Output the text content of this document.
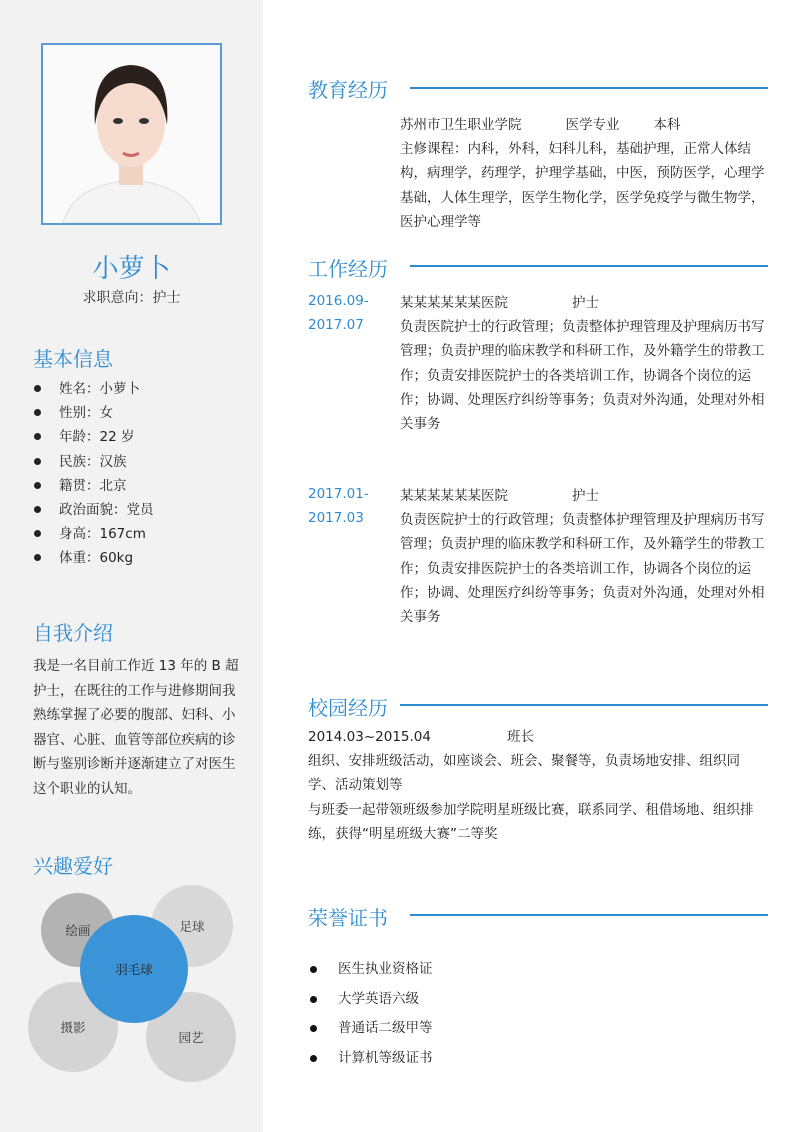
小萝卜
求职意向：护士
基本信息
姓名：小萝卜
性别：女
年龄：22 岁
民族：汉族
籍贯：北京
政治面貌：党员
身高：167cm
体重：60kg
自我介绍
我是一名目前工作近 13 年的 B 超护士，在既往的工作与进修期间我熟练掌握了必要的腹部、妇科、小器官、心脏、血管等部位疾病的诊断与鉴别诊断并逐渐建立了对医生这个职业的认知。
兴趣爱好
绘画	足球
摄影
园艺
羽毛球
教育经历
苏州市卫生职业学院	医学专业	本科
主修课程：内科，外科，妇科儿科，基础护理，正常人体结构，病理学，药理学，护理学基础，中医，预防医学，心理学基础，人体生理学，医学生物化学，医学免疫学与微生物学，医护心理学等
工作经历
2016.09-
2017.07
某某某某某某医院	护士
负责医院护士的行政管理；负责整体护理管理及护理病历书写管理；负责护理的临床教学和科研工作，及外籍学生的带教工作；负责安排医院护士的各类培训工作，协调各个岗位的运作；协调、处理医疗纠纷等事务；负责对外沟通，处理对外相关事务
2017.01-
2017.03
某某某某某某医院	护士
负责医院护士的行政管理；负责整体护理管理及护理病历书写管理；负责护理的临床教学和科研工作，及外籍学生的带教工作；负责安排医院护士的各类培训工作，协调各个岗位的运作；协调、处理医疗纠纷等事务；负责对外沟通，处理对外相关事务
校园经历
2014.03~2015.04	班长
组织、安排班级活动，如座谈会、班会、聚餐等，负责场地安排、组织同学、活动策划等
与班委一起带领班级参加学院明星班级比赛，联系同学、租借场地、组织排练，获得“明星班级大赛”二等奖
荣誉证书
医生执业资格证
大学英语六级
普通话二级甲等
计算机等级证书
